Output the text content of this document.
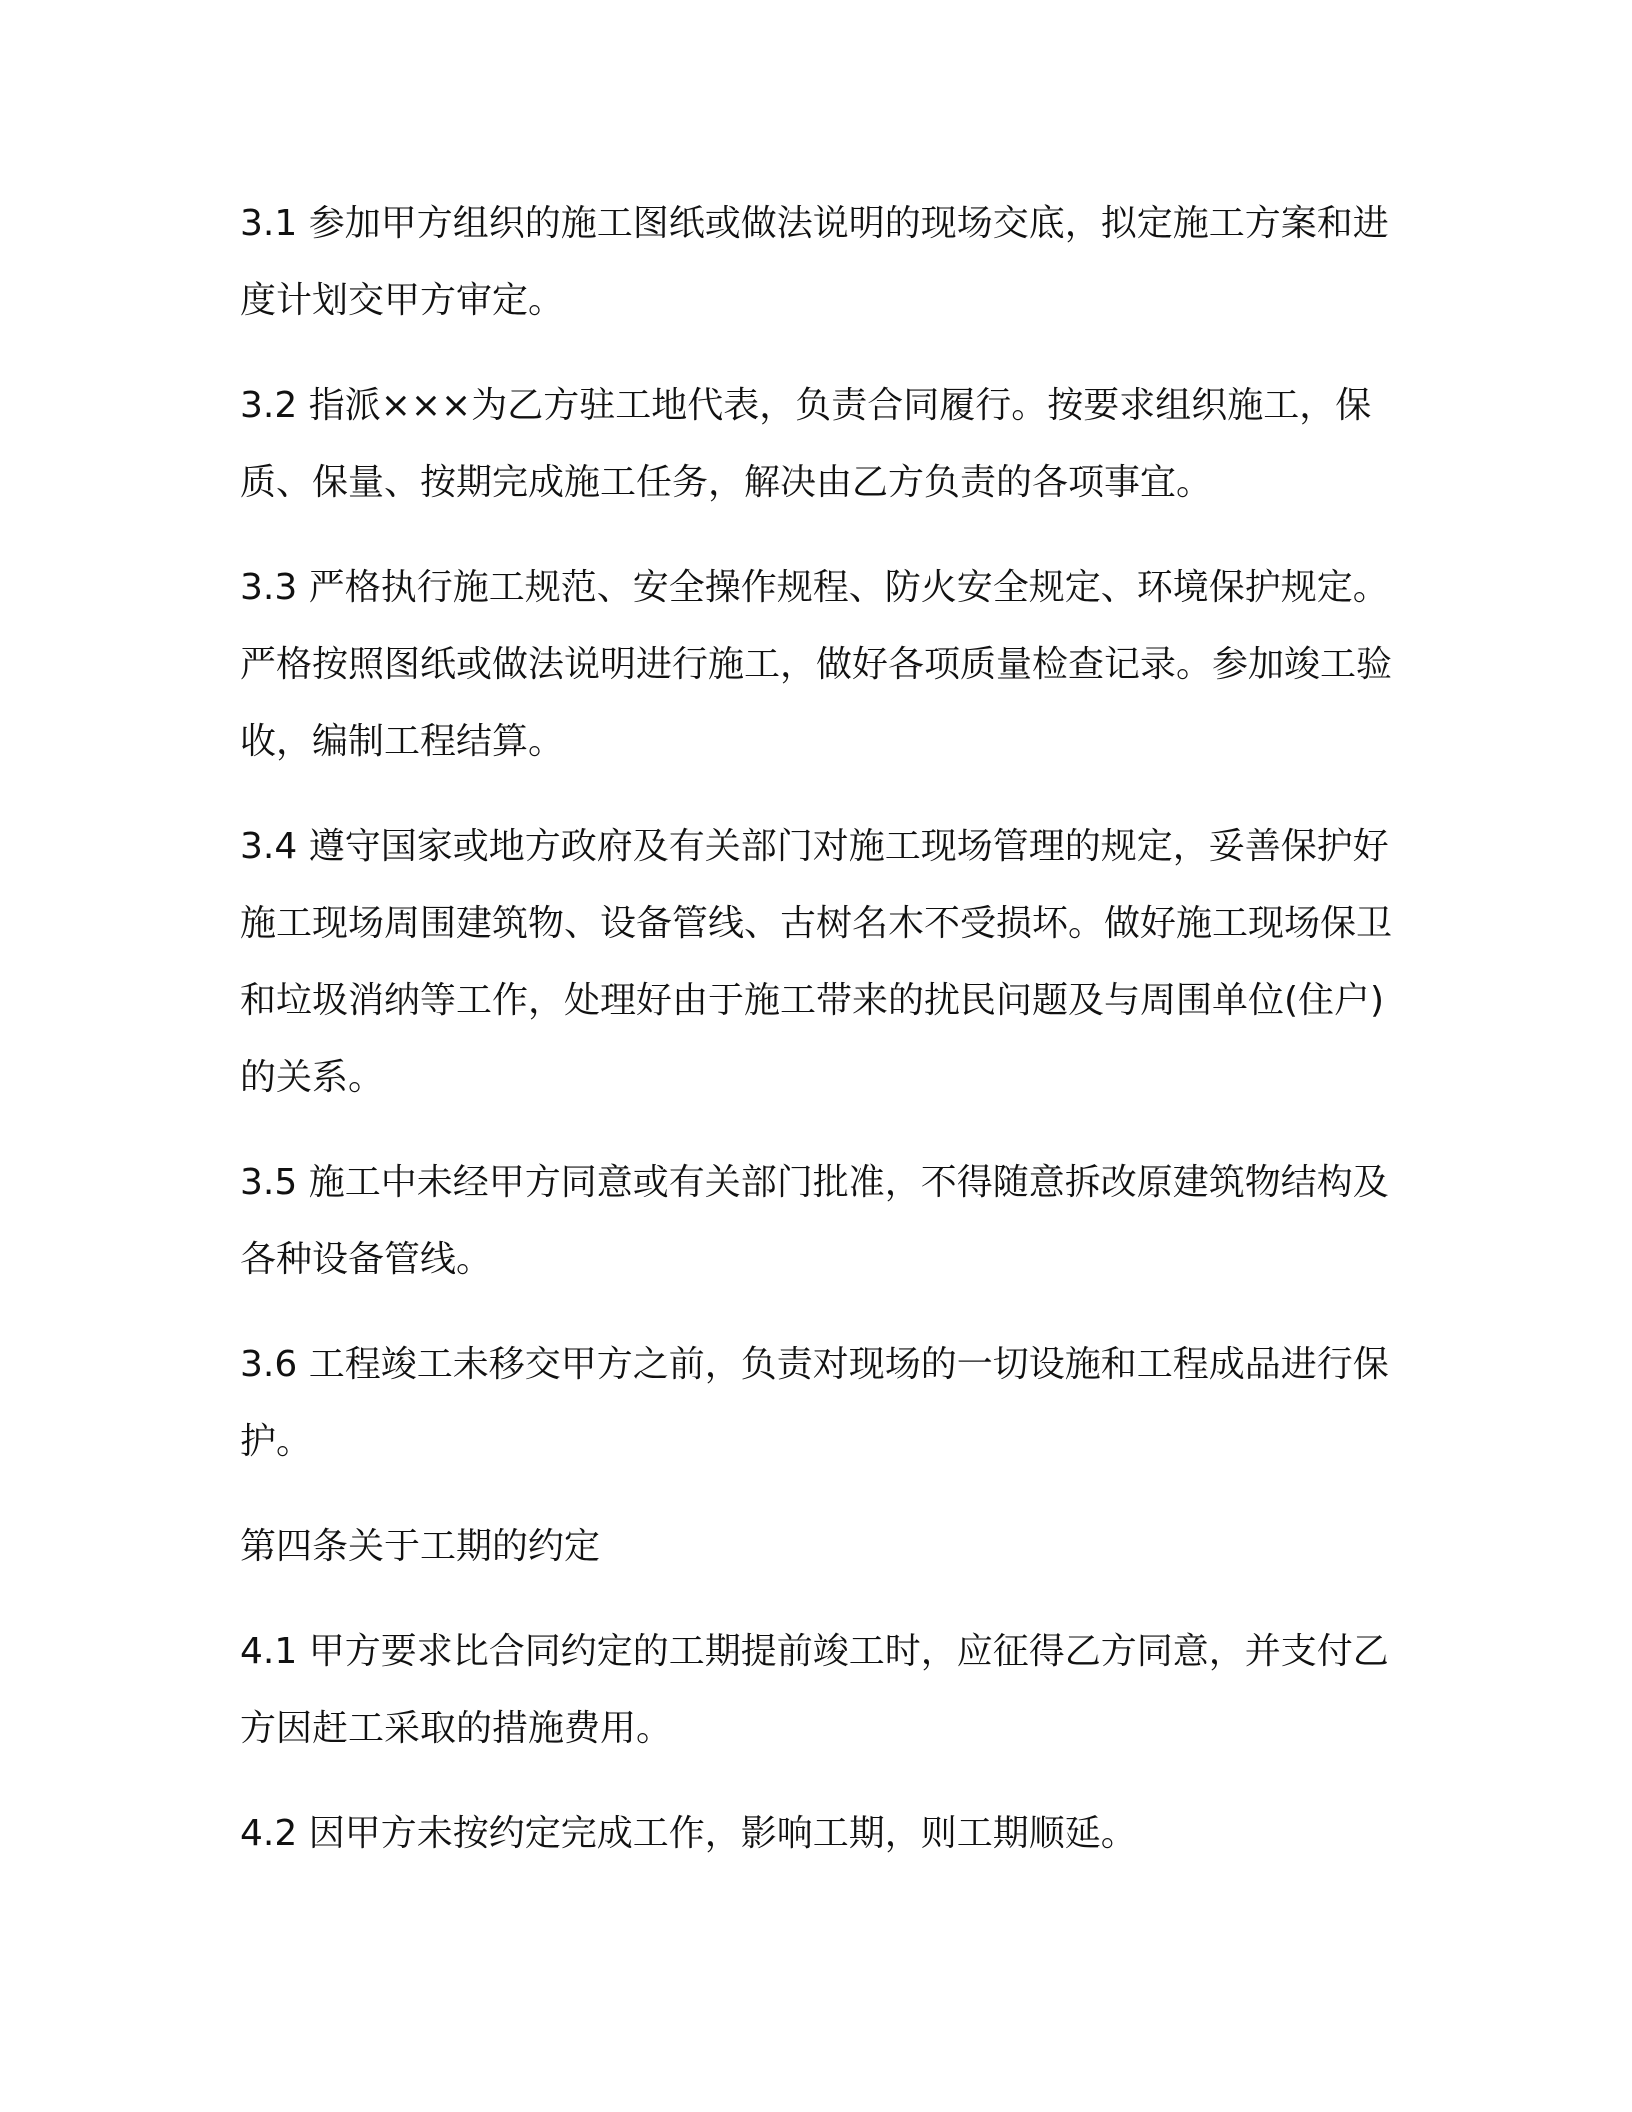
3.1 参加甲方组织的施工图纸或做法说明的现场交底，拟定施工方案和进度计划交甲方审定。

3.2 指派×××为乙方驻工地代表，负责合同履行。按要求组织施工，保质、保量、按期完成施工任务，解决由乙方负责的各项事宜。

3.3 严格执行施工规范、安全操作规程、防火安全规定、环境保护规定。严格按照图纸或做法说明进行施工，做好各项质量检查记录。参加竣工验收，编制工程结算。

3.4 遵守国家或地方政府及有关部门对施工现场管理的规定，妥善保护好施工现场周围建筑物、设备管线、古树名木不受损坏。做好施工现场保卫和垃圾消纳等工作，处理好由于施工带来的扰民问题及与周围单位(住户)的关系。

3.5 施工中未经甲方同意或有关部门批准，不得随意拆改原建筑物结构及各种设备管线。

3.6 工程竣工未移交甲方之前，负责对现场的一切设施和工程成品进行保护。

第四条关于工期的约定

4.1 甲方要求比合同约定的工期提前竣工时，应征得乙方同意，并支付乙方因赶工采取的措施费用。

4.2 因甲方未按约定完成工作，影响工期，则工期顺延。
